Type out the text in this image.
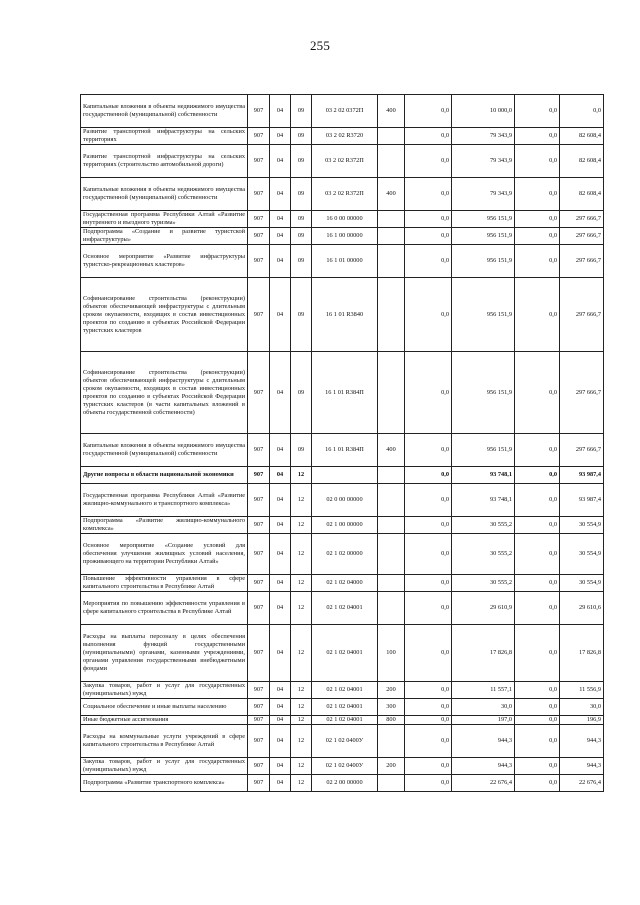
255
Капитальные вложения в объекты недвижимого имущества государственной (муниципальной) собственности	907	04	09	03 2 02 0372П	400	0,0	10 000,0	0,0	0,0
Развитие транспортной инфраструктуры на сельских территориях	907	04	09	03 2 02 R3720		0,0	79 343,9	0,0	82 608,4
Развитие транспортной инфраструктуры на сельских территориях (строительство автомобильной дороги)	907	04	09	03 2 02 R372П		0,0	79 343,9	0,0	82 608,4
Капитальные вложения в объекты недвижимого имущества государственной (муниципальной) собственности	907	04	09	03 2 02 R372П	400	0,0	79 343,9	0,0	82 608,4
Государственная программа Республики Алтай «Развитие внутреннего и въездного туризма»	907	04	09	16 0 00 00000		0,0	956 151,9	0,0	297 666,7
Подпрограмма «Создание и развитие туристской инфраструктуры»	907	04	09	16 1 00 00000		0,0	956 151,9	0,0	297 666,7
Основное мероприятие «Развитие инфраструктуры туристско-рекреационных кластеров»	907	04	09	16 1 01 00000		0,0	956 151,9	0,0	297 666,7
Софинансирование строительства (реконструкции) объектов обеспечивающей инфраструктуры с длительным сроком окупаемости, входящих в состав инвестиционных проектов по созданию в субъектах Российской Федерации туристских кластеров	907	04	09	16 1 01 R3840		0,0	956 151,9	0,0	297 666,7
Софинансирование строительства (реконструкции) объектов обеспечивающей инфраструктуры с длительным сроком окупаемости, входящих в состав инвестиционных проектов по созданию в субъектах Российской Федерации туристских кластеров (в части капитальных вложений в объекты государственной собственности)	907	04	09	16 1 01 R384П		0,0	956 151,9	0,0	297 666,7
Капитальные вложения в объекты недвижимого имущества государственной (муниципальной) собственности	907	04	09	16 1 01 R384П	400	0,0	956 151,9	0,0	297 666,7
Другие вопросы в области национальной экономики	907	04	12			0,0	93 748,1	0,0	93 987,4
Государственная программа Республики Алтай «Развитие жилищно-коммунального и транспортного комплекса»	907	04	12	02 0 00 00000		0,0	93 748,1	0,0	93 987,4
Подпрограмма «Развитие жилищно-коммунального комплекса»	907	04	12	02 1 00 00000		0,0	30 555,2	0,0	30 554,9
Основное мероприятие «Создание условий для обеспечения улучшения жилищных условий населения, проживающего на территории Республики Алтай»	907	04	12	02 1 02 00000		0,0	30 555,2	0,0	30 554,9
Повышение эффективности управления в сфере капитального строительства в Республике Алтай	907	04	12	02 1 02 04000		0,0	30 555,2	0,0	30 554,9
Мероприятия по повышению эффективности управления в сфере капитального строительства в Республике Алтай	907	04	12	02 1 02 04001		0,0	29 610,9	0,0	29 610,6
Расходы на выплаты персоналу в целях обеспечения выполнения функций государственными (муниципальными) органами, казенными учреждениями, органами управления государственными внебюджетными фондами	907	04	12	02 1 02 04001	100	0,0	17 826,8	0,0	17 826,8
Закупка товаров, работ и услуг для государственных (муниципальных) нужд	907	04	12	02 1 02 04001	200	0,0	11 557,1	0,0	11 556,9
Социальное обеспечение и иные выплаты населению	907	04	12	02 1 02 04001	300	0,0	30,0	0,0	30,0
Иные бюджетные ассигнования	907	04	12	02 1 02 04001	800	0,0	197,0	0,0	196,9
Расходы на коммунальные услуги учреждений в сфере капитального строительства в Республике Алтай	907	04	12	02 1 02 0400У		0,0	944,3	0,0	944,3
Закупка товаров, работ и услуг для государственных (муниципальных) нужд	907	04	12	02 1 02 0400У	200	0,0	944,3	0,0	944,3
Подпрограмма «Развитие транспортного комплекса»	907	04	12	02 2 00 00000		0,0	22 676,4	0,0	22 676,4
